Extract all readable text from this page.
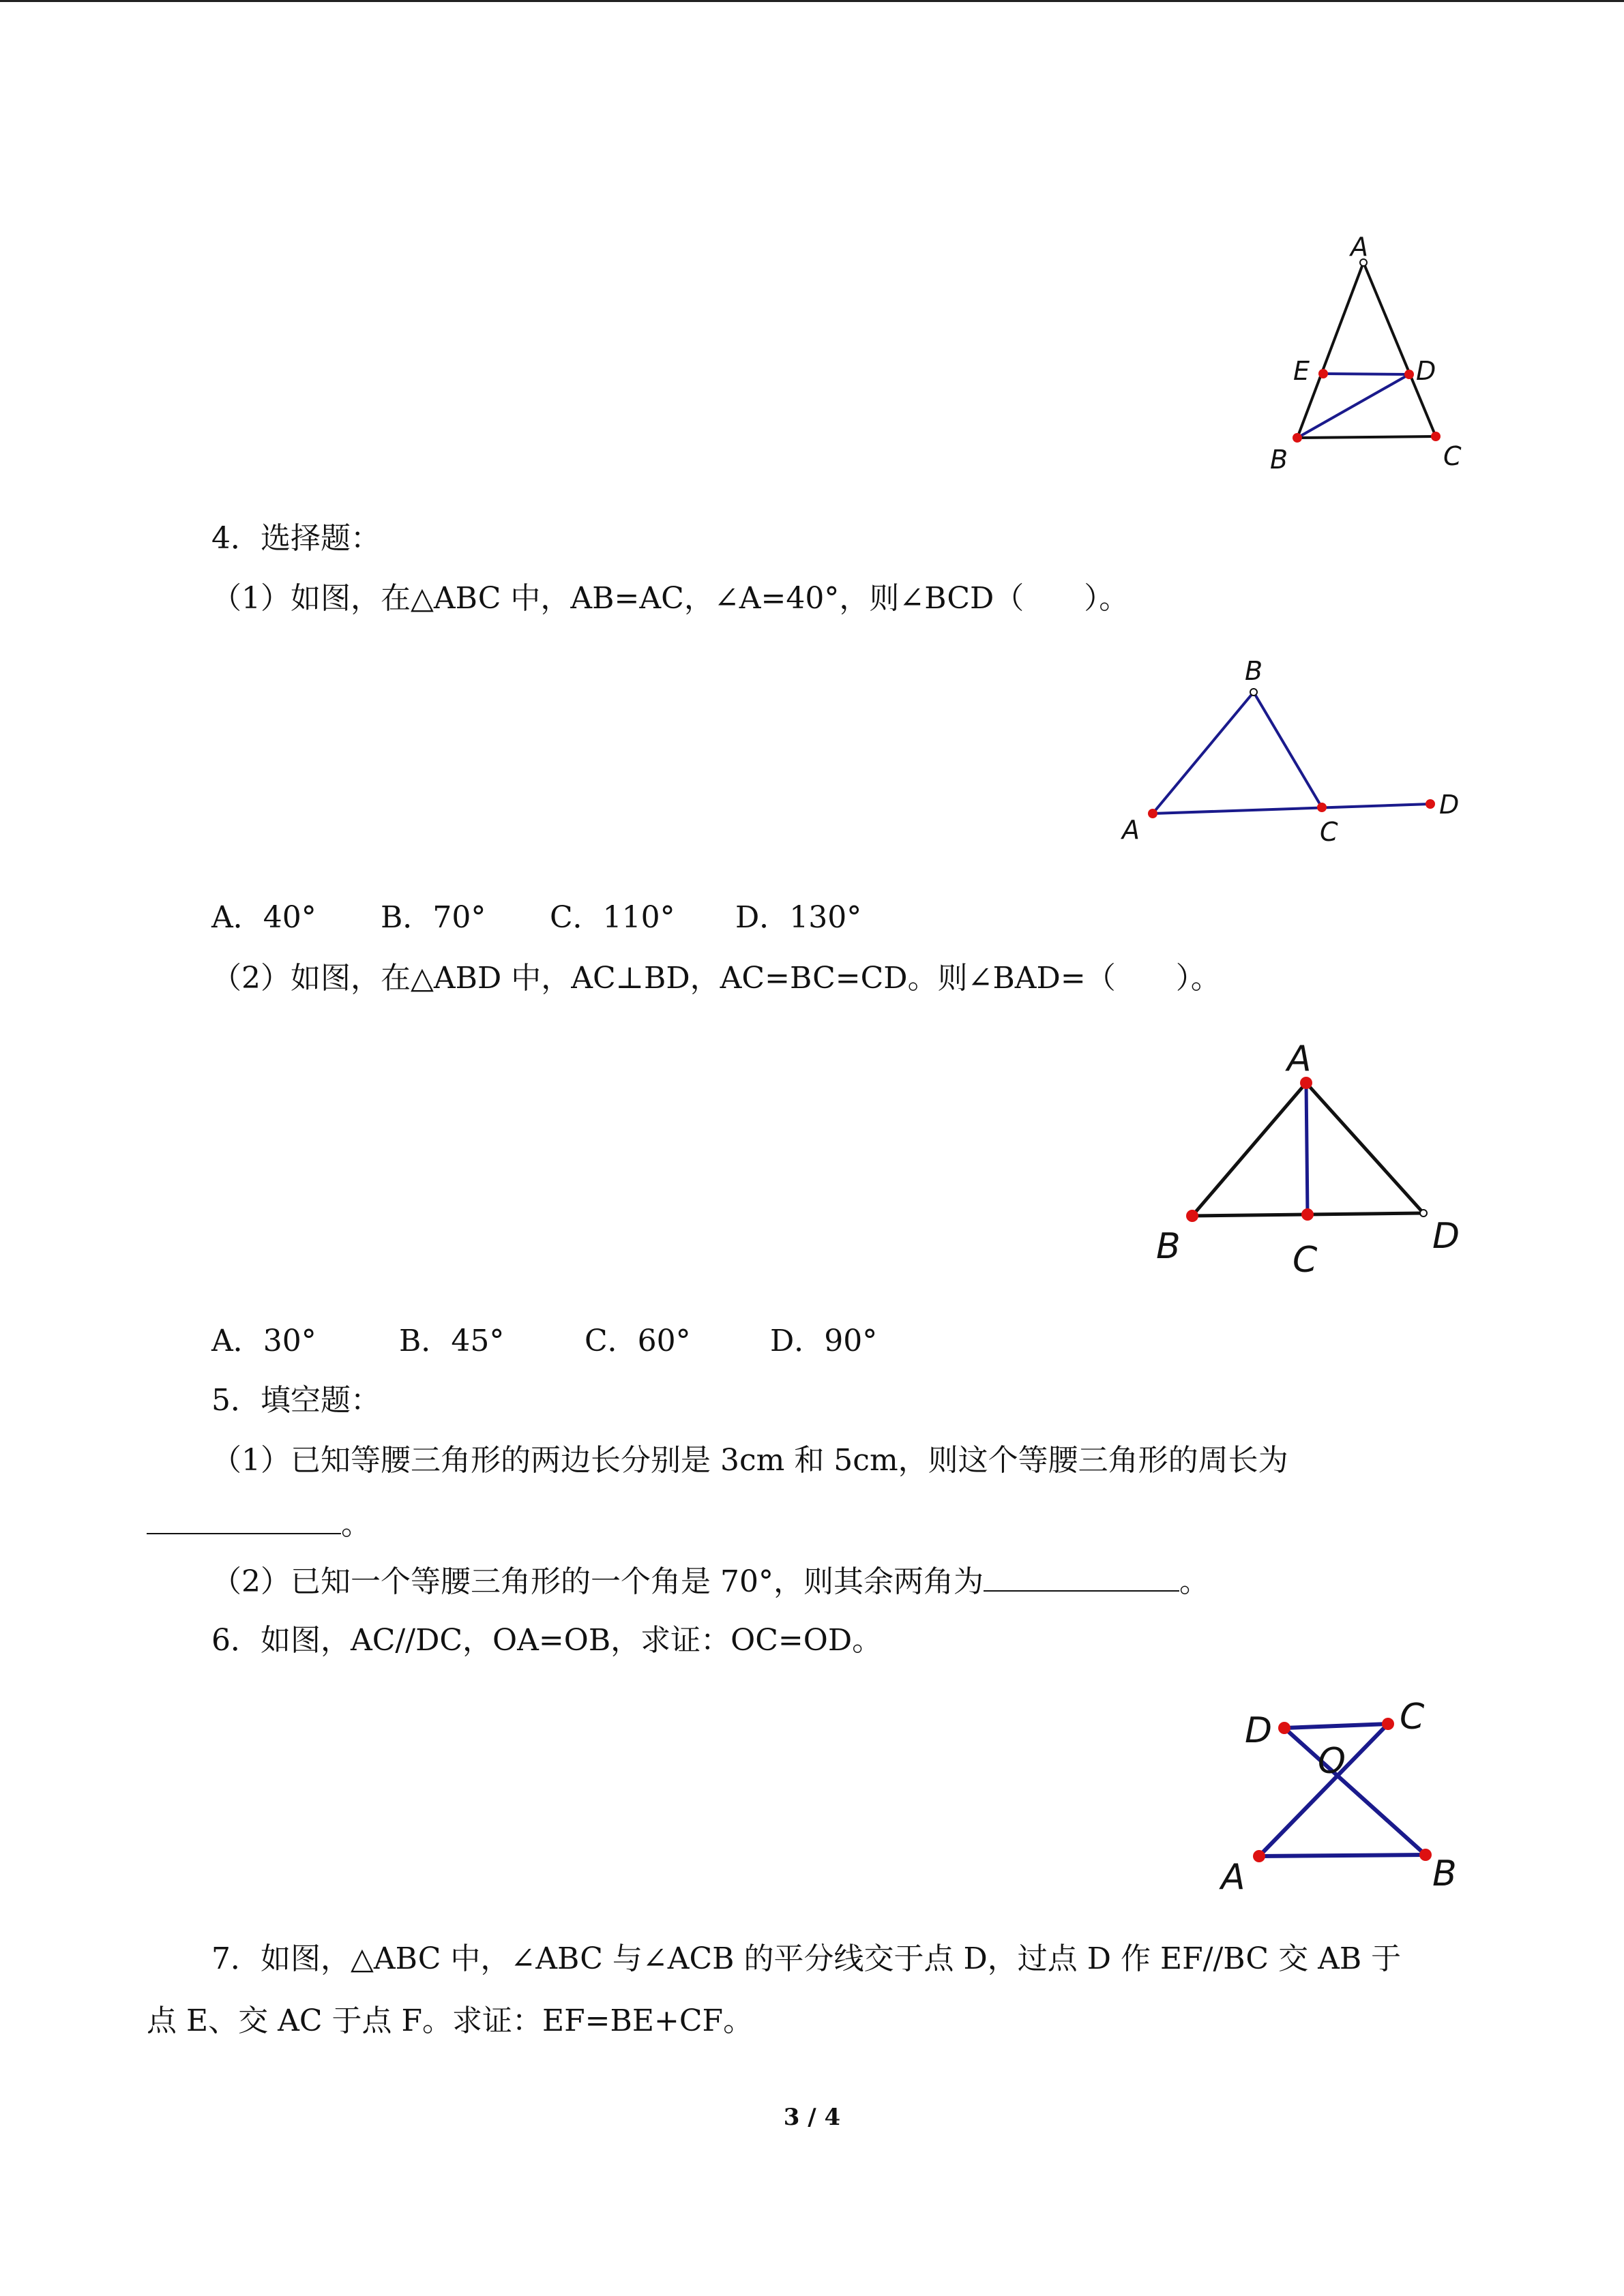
A
E	D
B	C
4．选择题：
（1）如图，在△ABC 中，AB=AC，∠A=40°，则∠BCD（　　）。
B
A	C
D
A．40° B．70° C．110° D．130°
（2）如图，在△ABD 中，AC⊥BD，AC=BC=CD。则∠BAD=（　　）。
A
B	C
D
A．30°	B．45°	C．60°	D．90°
5．填空题：
（1）已知等腰三角形的两边长分别是 3cm 和 5cm，则这个等腰三角形的周长为
。
（2）已知一个等腰三角形的一个角是 70°，则其余两角为	。
6．如图，AC//DC，OA=OB，求证：OC=OD。
D	C
O
A	B
7．如图，△ABC 中，∠ABC 与∠ACB 的平分线交于点 D，过点 D 作 EF//BC 交 AB 于
点 E、交 AC 于点 F。求证：EF=BE+CF。
3 / 4
